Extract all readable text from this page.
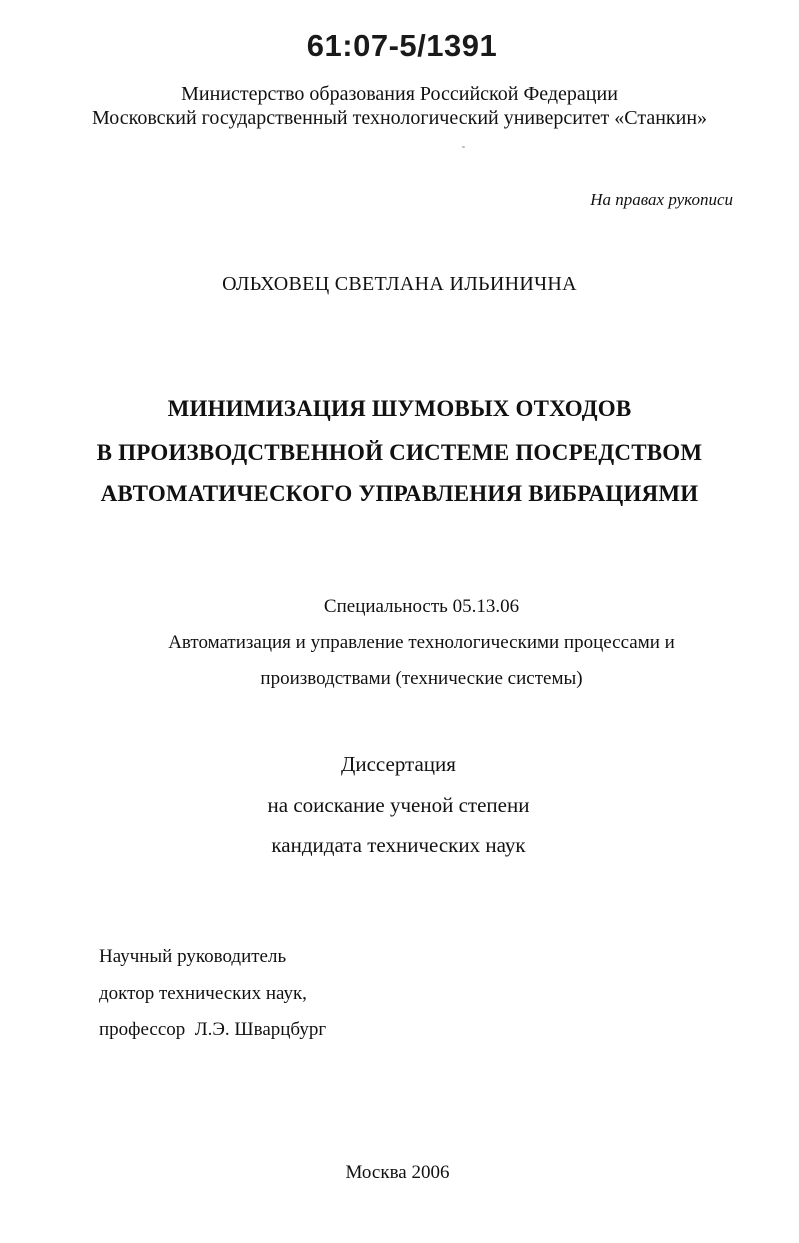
61:07-5/1391
Министерство образования Российской Федерации
Московский государственный технологический университет «Станкин»
На правах рукописи
ОЛЬХОВЕЦ СВЕТЛАНА ИЛЬИНИЧНА
МИНИМИЗАЦИЯ ШУМОВЫХ ОТХОДОВ
В ПРОИЗВОДСТВЕННОЙ СИСТЕМЕ ПОСРЕДСТВОМ
АВТОМАТИЧЕСКОГО УПРАВЛЕНИЯ ВИБРАЦИЯМИ
Специальность 05.13.06
Автоматизация и управление технологическими процессами и
производствами (технические системы)
Диссертация
на соискание ученой степени
кандидата технических наук
Научный руководитель
доктор технических наук,
профессор  Л.Э. Шварцбург
Москва 2006
